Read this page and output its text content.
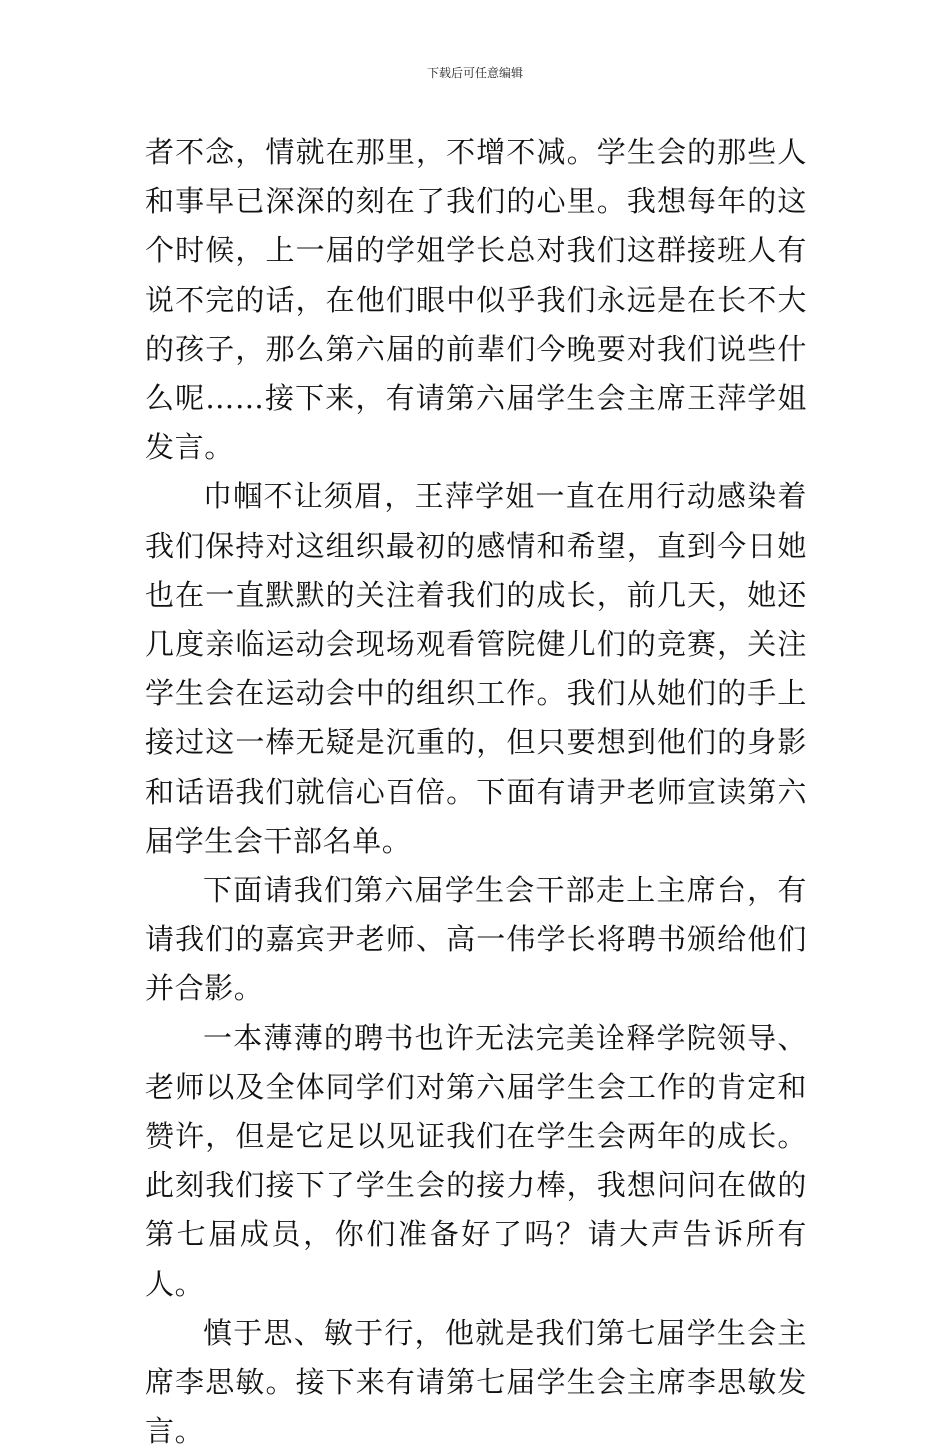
下载后可任意编辑

者不念，情就在那里，不增不减。学生会的那些人和事早已深深的刻在了我们的心里。我想每年的这个时候，上一届的学姐学长总对我们这群接班人有说不完的话，在他们眼中似乎我们永远是在长不大的孩子，那么第六届的前辈们今晚要对我们说些什么呢……接下来，有请第六届学生会主席王萍学姐发言。

巾帼不让须眉，王萍学姐一直在用行动感染着我们保持对这组织最初的感情和希望，直到今日她也在一直默默的关注着我们的成长，前几天，她还几度亲临运动会现场观看管院健儿们的竞赛，关注学生会在运动会中的组织工作。我们从她们的手上接过这一棒无疑是沉重的，但只要想到他们的身影和话语我们就信心百倍。下面有请尹老师宣读第六届学生会干部名单。

下面请我们第六届学生会干部走上主席台，有请我们的嘉宾尹老师、高一伟学长将聘书颁给他们并合影。

一本薄薄的聘书也许无法完美诠释学院领导、老师以及全体同学们对第六届学生会工作的肯定和赞许，但是它足以见证我们在学生会两年的成长。此刻我们接下了学生会的接力棒，我想问问在做的第七届成员，你们准备好了吗？请大声告诉所有人。

慎于思、敏于行，他就是我们第七届学生会主席李思敏。接下来有请第七届学生会主席李思敏发言。
